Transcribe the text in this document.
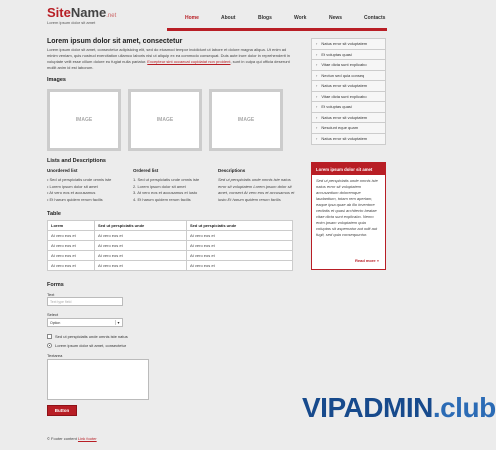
SiteName.net
Lorem ipsum dolor sit amet
Home	About	Blogs	Work	News	Contacts
Lorem ipsum dolor sit amet, consectetur

Lorem ipsum dolor sit amet, consectetur adipisicing elit, sed do eiusmod tempor incididunt ut labore et dolore magna aliqua. Ut enim ad minim veniam, quis nostrud exercitation ullamco laboris nisi ut aliquip ex ea commodo consequat. Duis aute irure dolor in reprehenderit in voluptate velit esse cillum dolore eu fugiat nulla pariatur. Excepteur sint occaecat cupidatat non proident, sunt in culpa qui officia deserunt mollit anim id est laborum.

Images
IMAGE	IMAGE	IMAGE
Lists and Descriptions
Unordered list
• Sed ut perspiciatis unde omnis iste
• Lorem ipsum dolor sit amet
• At vero eos et accusamus
• Et harum quidem rerum facilis
Ordered list
1. Sed ut perspiciatis unde omnis iste
2. Lorem ipsum dolor sit amet
3. At vero eos et accusamus et iusto
4. Et harum quidem rerum facilis
Descriptions
Sed ut perspiciatis unde omnis iste natus error sit voluptatem Lorem ipsum dolor sit amet, consect At vero eos et accusamus et iusto Et harum quidem rerum facilis
Table
Lorem	Sed ut perspiciatis unde	Sed ut perspiciatis unde
At vero eos et	At vero eos et	At vero eos et
At vero eos et	At vero eos et	At vero eos et
At vero eos et	At vero eos et	At vero eos et
At vero eos et	At vero eos et	At vero eos et
Forms
Text
Text type field
Select
Option	▾
Sed ut perspiciatis unde omnis iste natus
Lorem ipsum dolor sit amet, consectetur
Textarea
Button
© Footer content Link footer
› Natus error sit voluptatem
› Et voluptas quasi
› Vitae dicta sunt explicabo
› Nectun sed quia conseq
› Natus error sit voluptatem
› Vitae dicta sunt explicabo
› Et voluptas quasi
› Natus error sit voluptatem
› Nesciunt eque quam
› Natus error sit voluptatem
Lorem ipsum dolor sit amet
Sed ut perspiciatis unde omnis iste natus error sit voluptatem accusantium doloremque laudantium, totam rem aperiam, eaque ipsa quae ab illo inventore veritatis et quasi architecto beatae vitae dicta sunt explicabo. Nemo enim ipsam voluptatem quia voluptas sit aspernatur aut odit aut fugit, sed quia consequuntur.
Read more »
VIPADMIN.club
